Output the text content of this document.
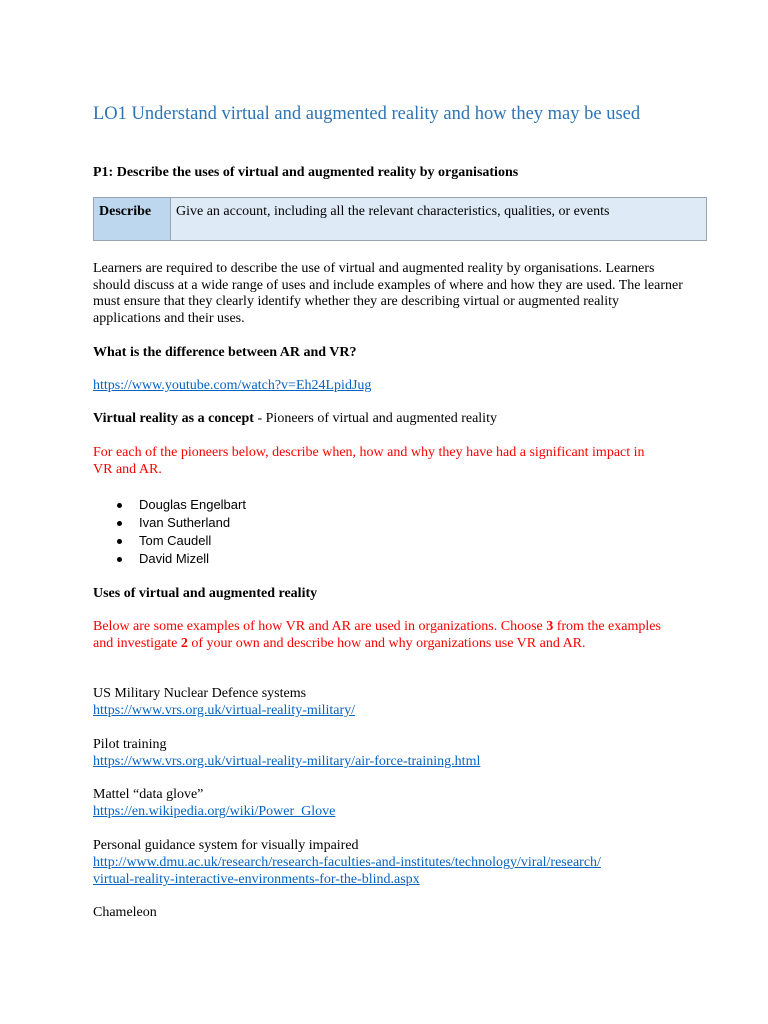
LO1 Understand virtual and augmented reality and how they may be used

P1: Describe the uses of virtual and augmented reality by organisations

Describe	Give an account, including all the relevant characteristics, qualities, or events

Learners are required to describe the use of virtual and augmented reality by organisations. Learners should discuss at a wide range of uses and include examples of where and how they are used. The learner must ensure that they clearly identify whether they are describing virtual or augmented reality applications and their uses.

What is the difference between AR and VR?

https://www.youtube.com/watch?v=Eh24LpidJug

Virtual reality as a concept - Pioneers of virtual and augmented reality

For each of the pioneers below, describe when, how and why they have had a significant impact in VR and AR.

Douglas Engelbart
Ivan Sutherland
Tom Caudell
David Mizell

Uses of virtual and augmented reality

Below are some examples of how VR and AR are used in organizations. Choose 3 from the examples and investigate 2 of your own and describe how and why organizations use VR and AR.

US Military Nuclear Defence systems

https://www.vrs.org.uk/virtual-reality-military/

Pilot training

https://www.vrs.org.uk/virtual-reality-military/air-force-training.html

Mattel “data glove”

https://en.wikipedia.org/wiki/Power_Glove

Personal guidance system for visually impaired

http://www.dmu.ac.uk/research/research-faculties-and-institutes/technology/viral/research/

virtual-reality-interactive-environments-for-the-blind.aspx

Chameleon
